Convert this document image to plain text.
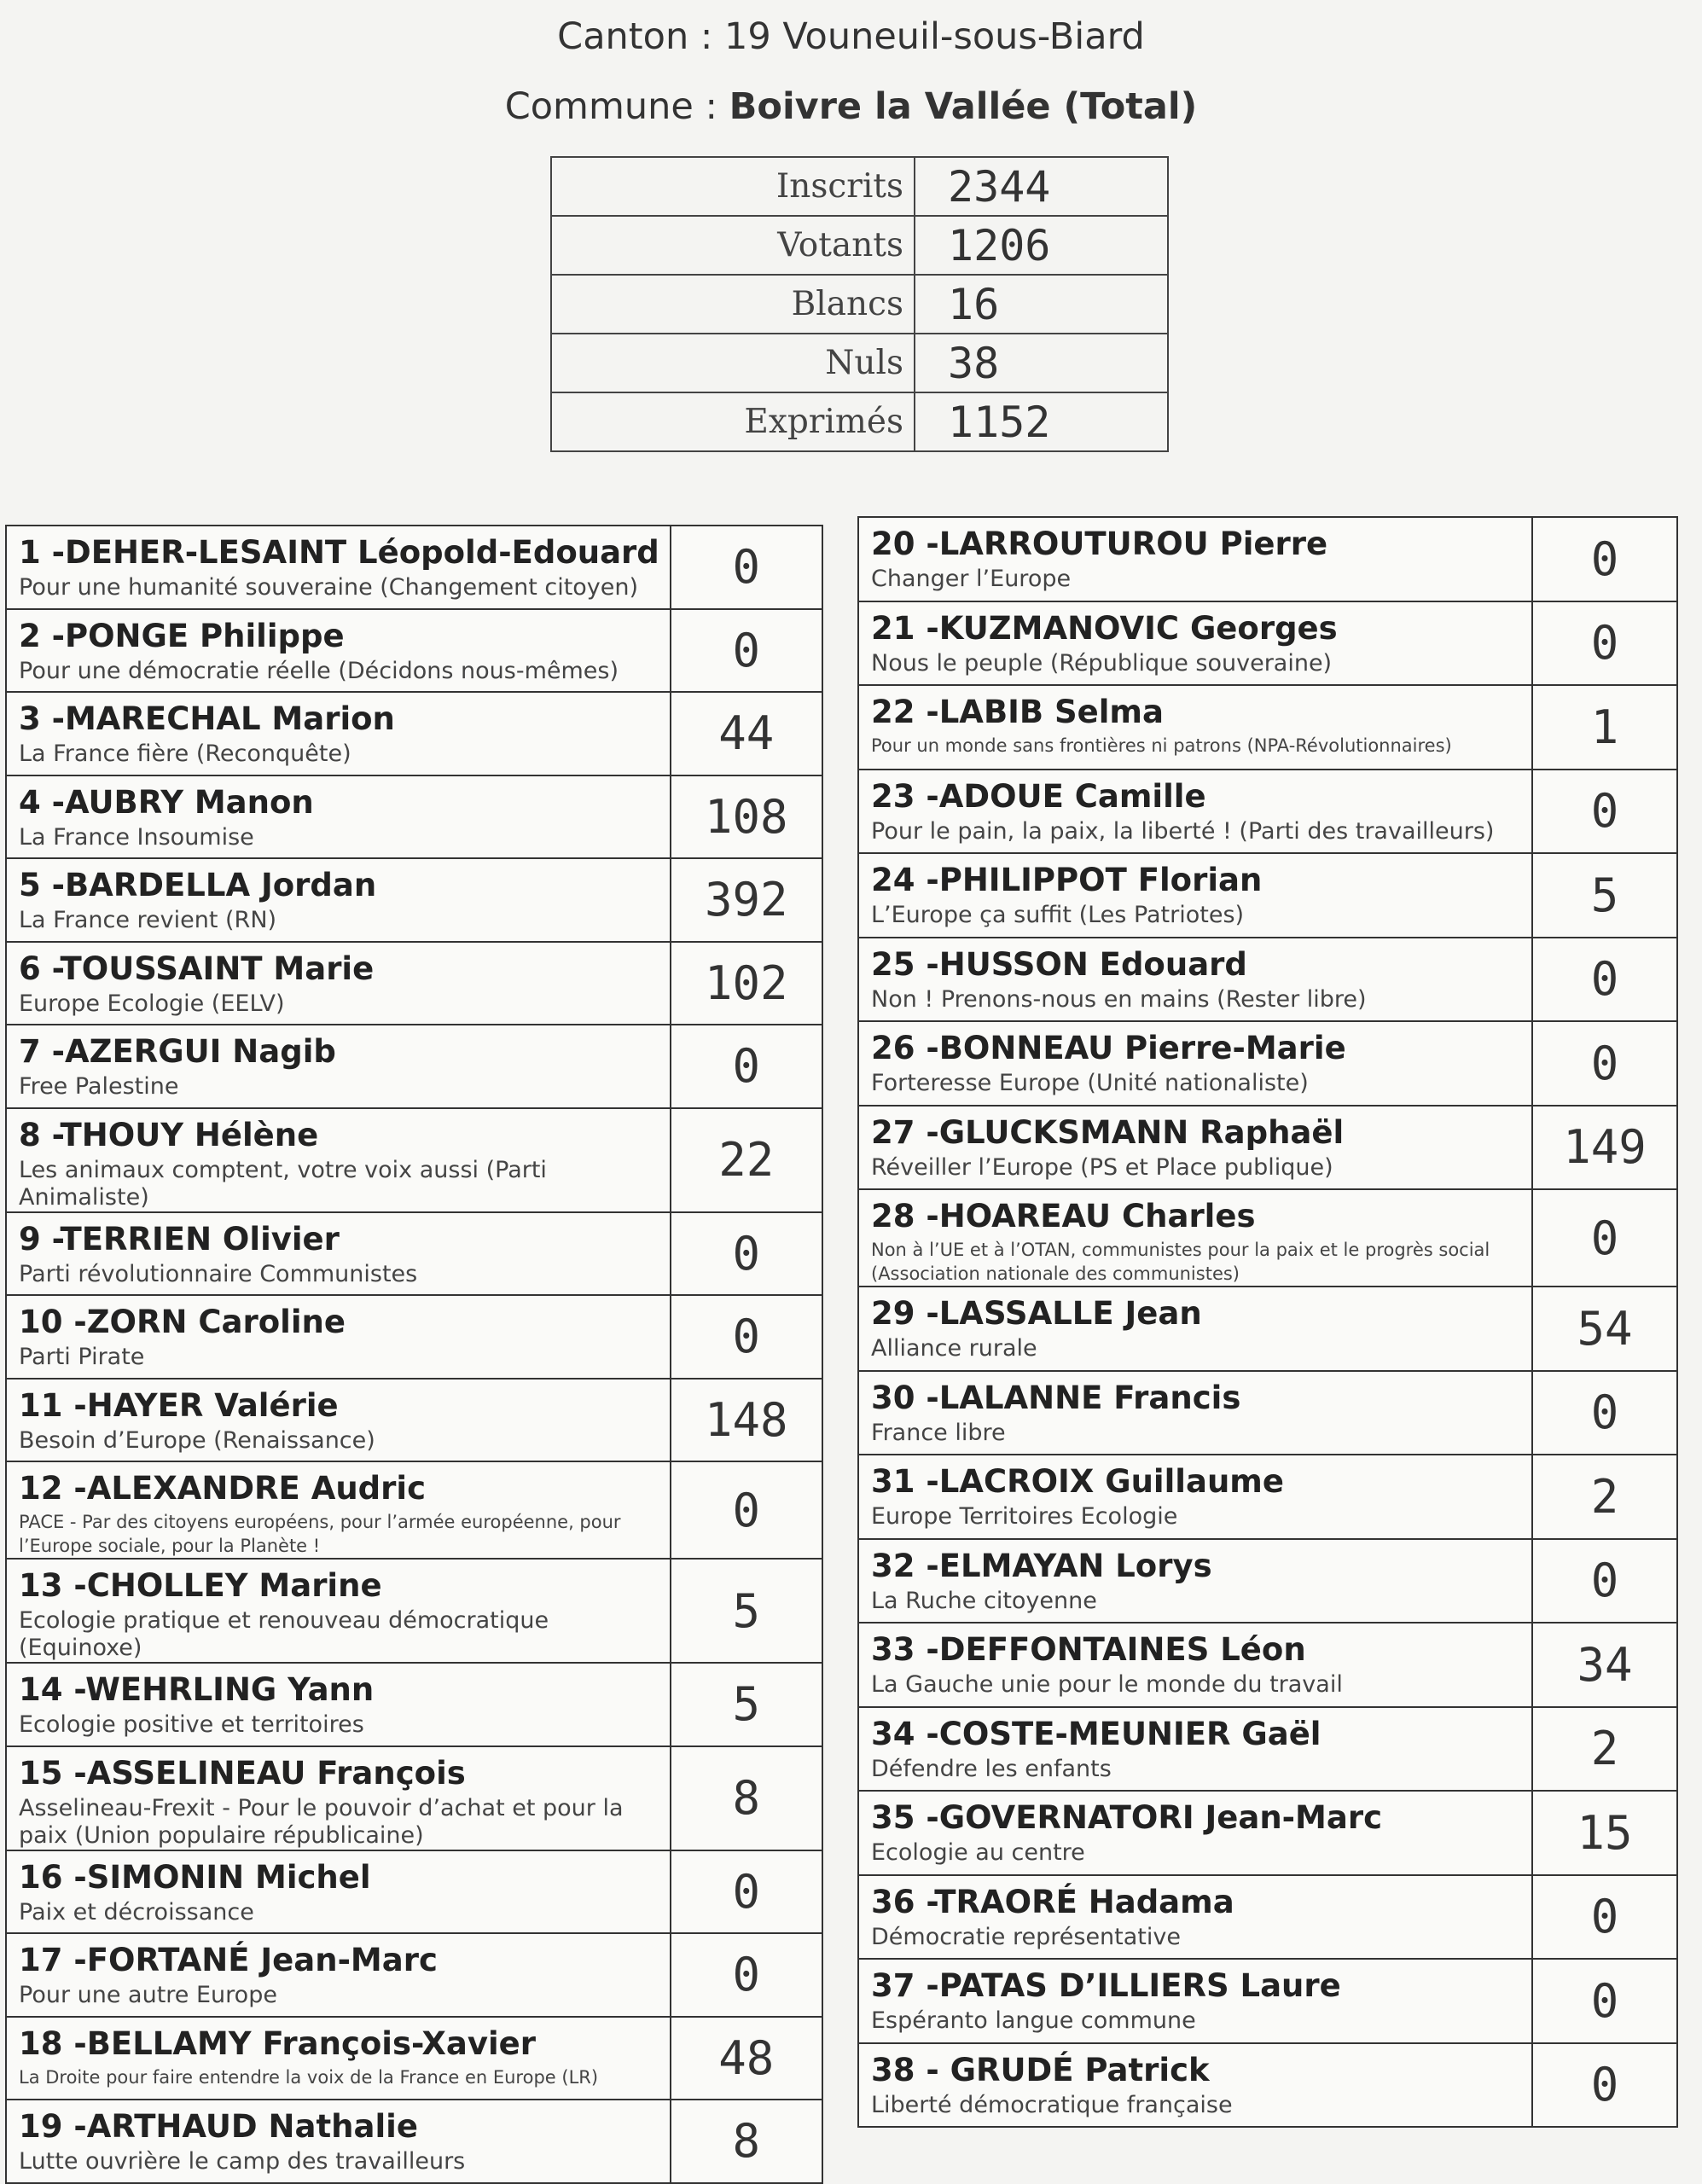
Canton : 19 Vouneuil-sous-Biard
Commune : Boivre la Vallée (Total)
Inscrits	2344
Votants	1206
Blancs	16
Nuls	38
Exprimés	1152
1 -DEHER-LESAINT Léopold-Edouard
Pour une humanité souveraine (Changement citoyen)	0

2 -PONGE Philippe
Pour une démocratie réelle (Décidons nous-mêmes)	0

3 -MARECHAL Marion
La France fière (Reconquête)	44

4 -AUBRY Manon
La France Insoumise	108

5 -BARDELLA Jordan
La France revient (RN)	392

6 -TOUSSAINT Marie
Europe Ecologie (EELV)	102

7 -AZERGUI Nagib
Free Palestine	0

8 -THOUY Hélène
Les animaux comptent, votre voix aussi (Parti Animaliste)	22

9 -TERRIEN Olivier
Parti révolutionnaire Communistes	0

10 -ZORN Caroline
Parti Pirate	0

11 -HAYER Valérie
Besoin d’Europe (Renaissance)	148

12 -ALEXANDRE Audric
PACE - Par des citoyens européens, pour l’armée européenne, pour l’Europe sociale, pour la Planète !	0

13 -CHOLLEY Marine
Ecologie pratique et renouveau démocratique (Equinoxe)	5

14 -WEHRLING Yann
Ecologie positive et territoires	5

15 -ASSELINEAU François
Asselineau-Frexit - Pour le pouvoir d’achat et pour la paix (Union populaire républicaine)	8

16 -SIMONIN Michel
Paix et décroissance	0

17 -FORTANÉ Jean-Marc
Pour une autre Europe	0

18 -BELLAMY François-Xavier
La Droite pour faire entendre la voix de la France en Europe (LR)	48

19 -ARTHAUD Nathalie
Lutte ouvrière le camp des travailleurs	8
20 -LARROUTUROU Pierre
Changer l’Europe	0

21 -KUZMANOVIC Georges
Nous le peuple (République souveraine)	0

22 -LABIB Selma
Pour un monde sans frontières ni patrons (NPA-Révolutionnaires)	1

23 -ADOUE Camille
Pour le pain, la paix, la liberté ! (Parti des travailleurs)	0

24 -PHILIPPOT Florian
L’Europe ça suffit (Les Patriotes)	5

25 -HUSSON Edouard
Non ! Prenons-nous en mains (Rester libre)	0

26 -BONNEAU Pierre-Marie
Forteresse Europe (Unité nationaliste)	0

27 -GLUCKSMANN Raphaël
Réveiller l’Europe (PS et Place publique)	149

28 -HOAREAU Charles
Non à l’UE et à l’OTAN, communistes pour la paix et le progrès social (Association nationale des communistes)	0

29 -LASSALLE Jean
Alliance rurale	54

30 -LALANNE Francis
France libre	0

31 -LACROIX Guillaume
Europe Territoires Ecologie	2

32 -ELMAYAN Lorys
La Ruche citoyenne	0

33 -DEFFONTAINES Léon
La Gauche unie pour le monde du travail	34

34 -COSTE-MEUNIER Gaël
Défendre les enfants	2

35 -GOVERNATORI Jean-Marc
Ecologie au centre	15

36 -TRAORÉ Hadama
Démocratie représentative	0

37 -PATAS D’ILLIERS Laure
Espéranto langue commune	0

38 - GRUDÉ Patrick
Liberté démocratique française	0
